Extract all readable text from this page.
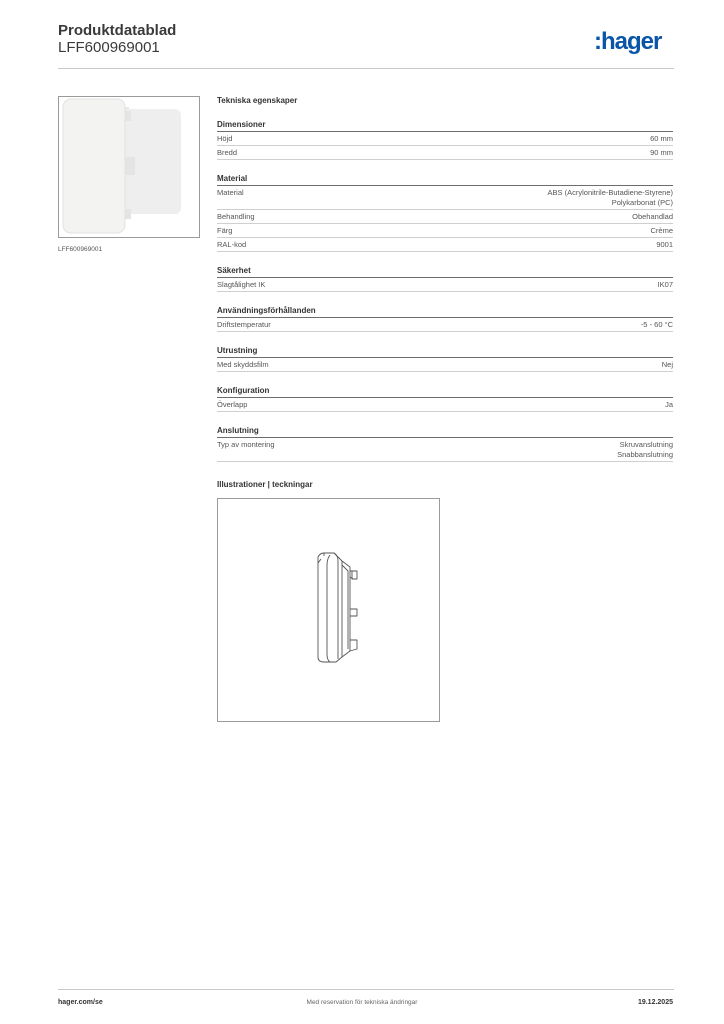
Produktdatablad
LFF600969001	:hager
LFF600969001
Tekniska egenskaper
Dimensioner
Höjd	60 mm
Bredd	90 mm
Material
Material	ABS (Acrylonitrile-Butadiene-Styrene)
Polykarbonat (PC)
Behandling	Obehandlad
Färg	Crème
RAL-kod	9001
Säkerhet
Slagtålighet IK	IK07
Användningsförhållanden
Driftstemperatur	-5 - 60 °C
Utrustning
Med skyddsfilm	Nej
Konfiguration
Överlapp	Ja
Anslutning
Typ av montering	Skruvanslutning
Snabbanslutning
Illustrationer | teckningar
hager.com/se	Med reservation för tekniska ändringar	19.12.2025
